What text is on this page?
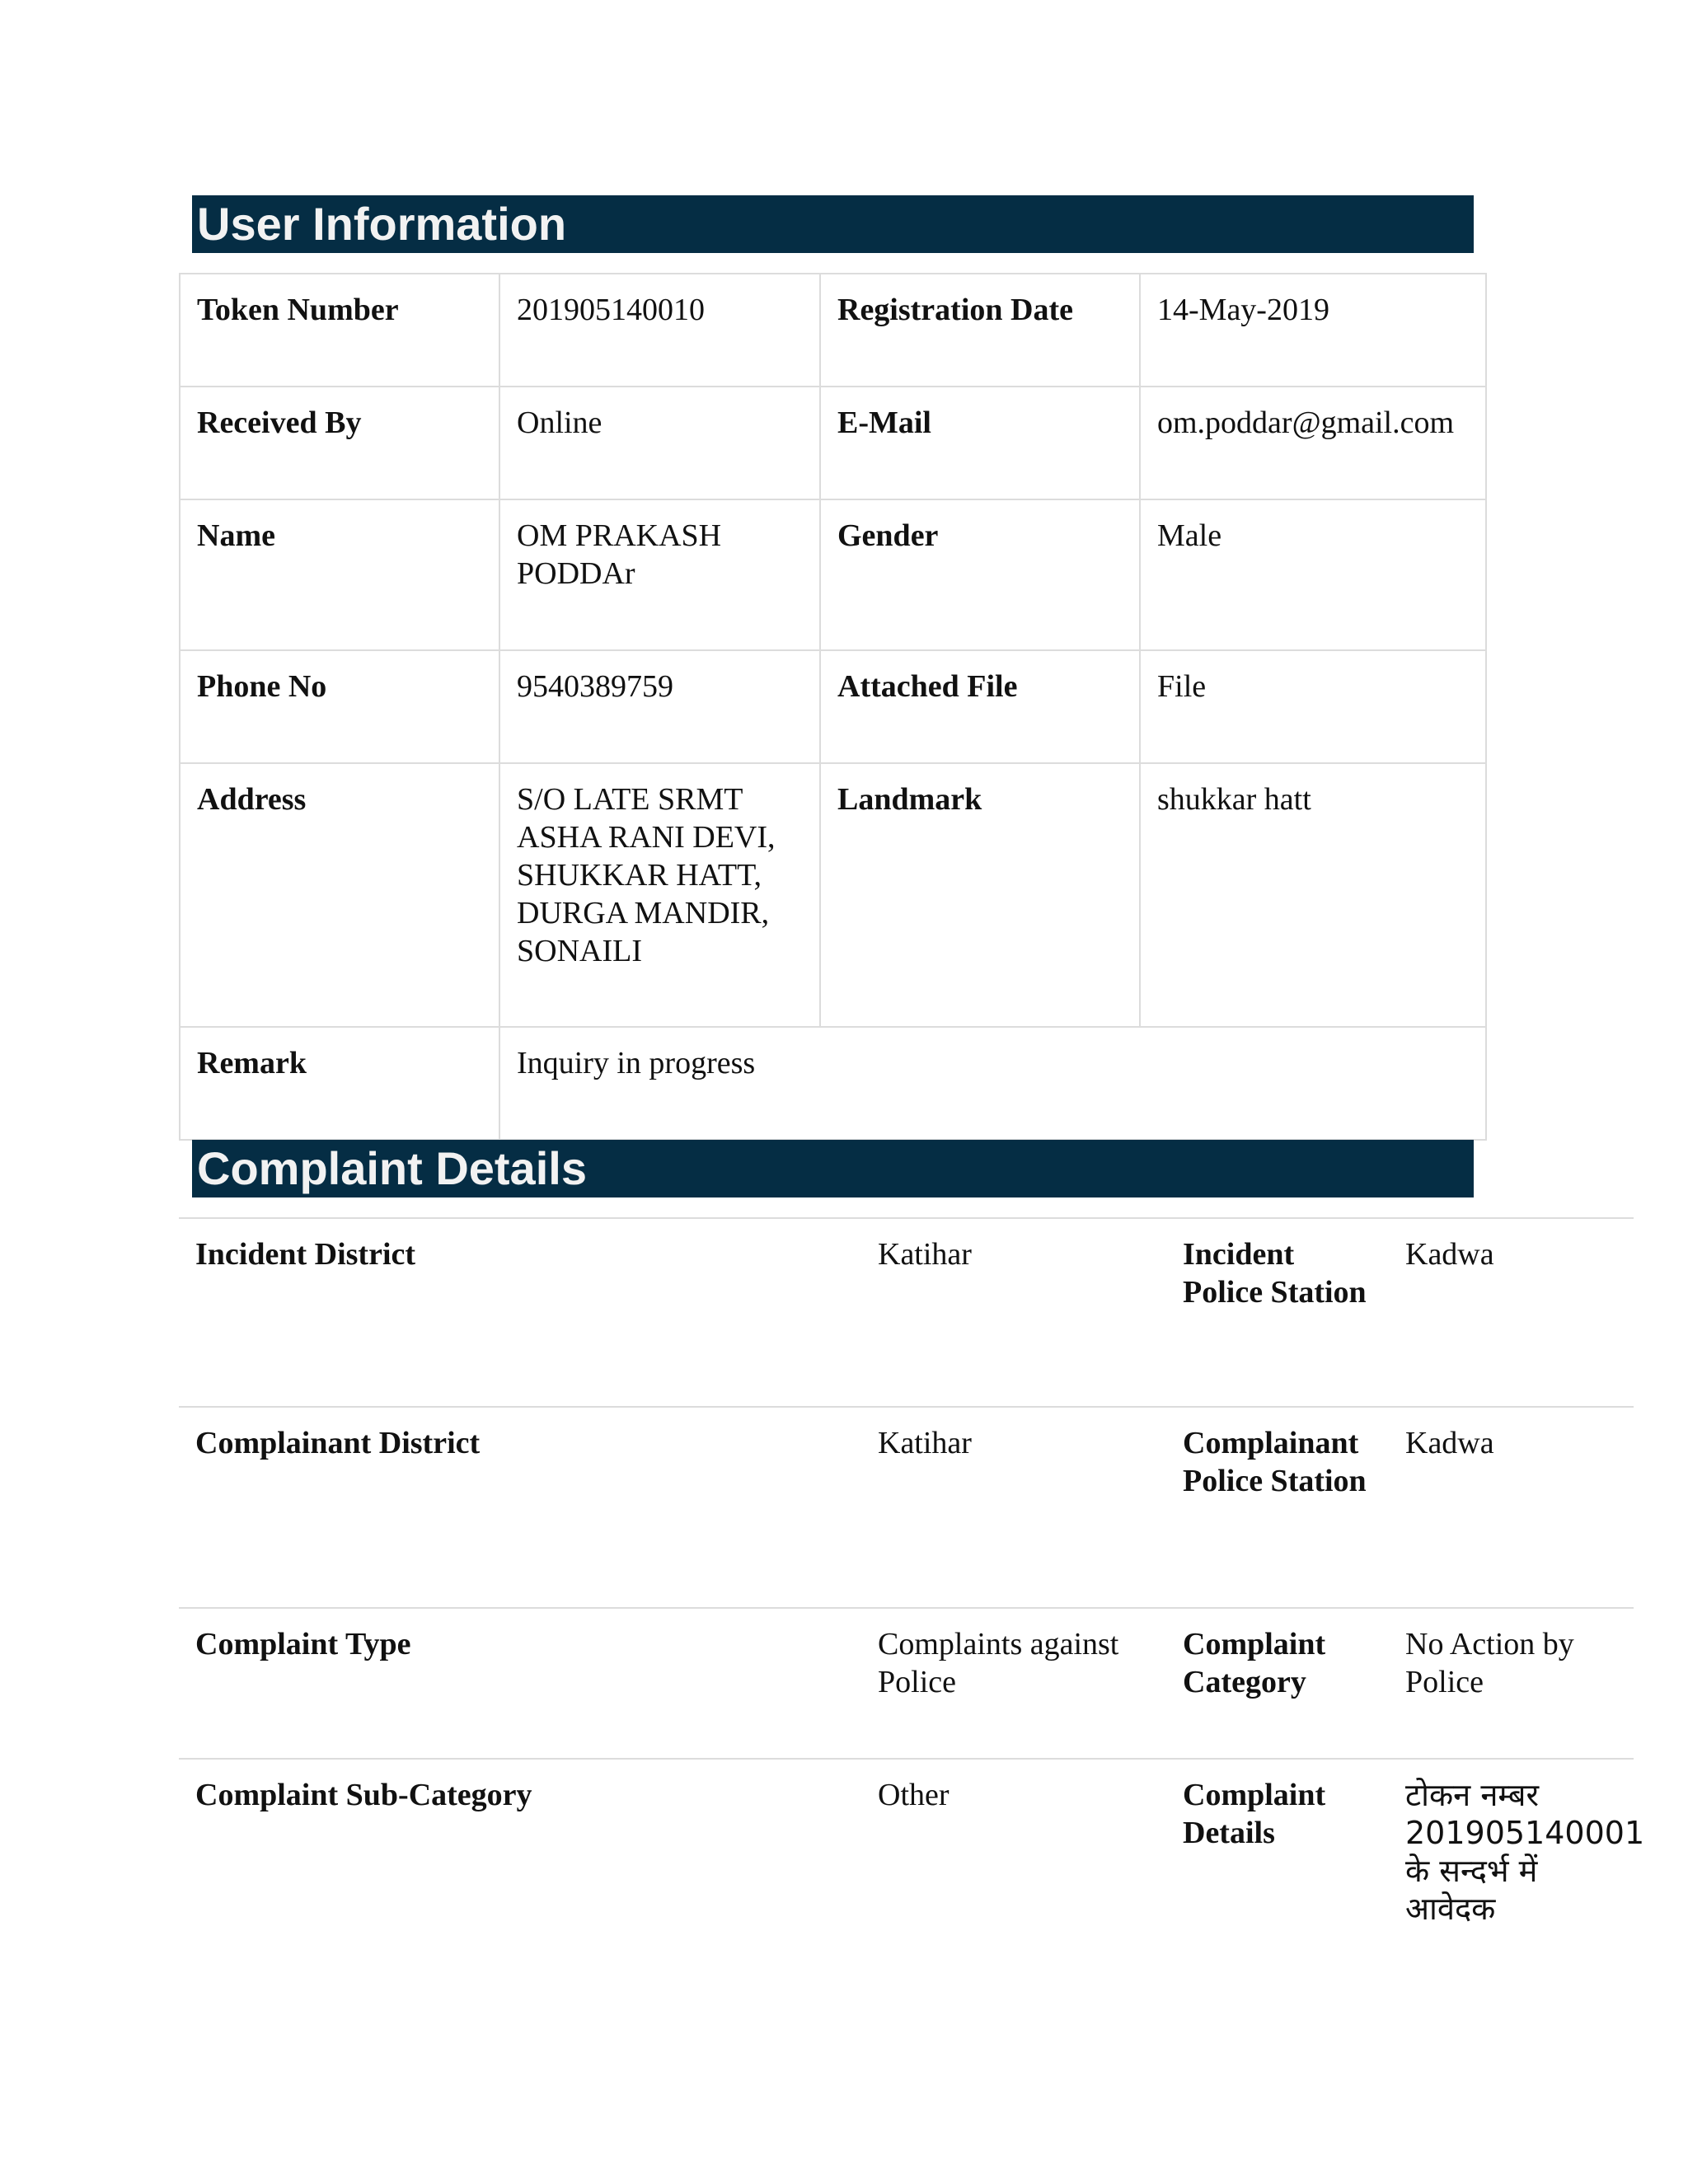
User Information
Token Number	201905140010	Registration Date	14-May-2019
Received By	Online	E-Mail	om.poddar@gmail.com
Name	OM PRAKASH PODDAr	Gender	Male
Phone No	9540389759	Attached File	File
Address	S/O LATE SRMT ASHA RANI DEVI, SHUKKAR HATT, DURGA MANDIR, SONAILI	Landmark	shukkar hatt
Remark	Inquiry in progress		
Complaint Details
Incident District	Katihar	Incident Police Station	Kadwa
Complainant District	Katihar	Complainant Police Station	Kadwa
Complaint Type	Complaints against Police	Complaint Category	No Action by Police
Complaint Sub-Category	Other	Complaint Details	टोकन नम्बर 201905140001 के सन्दर्भ में आवेदक
